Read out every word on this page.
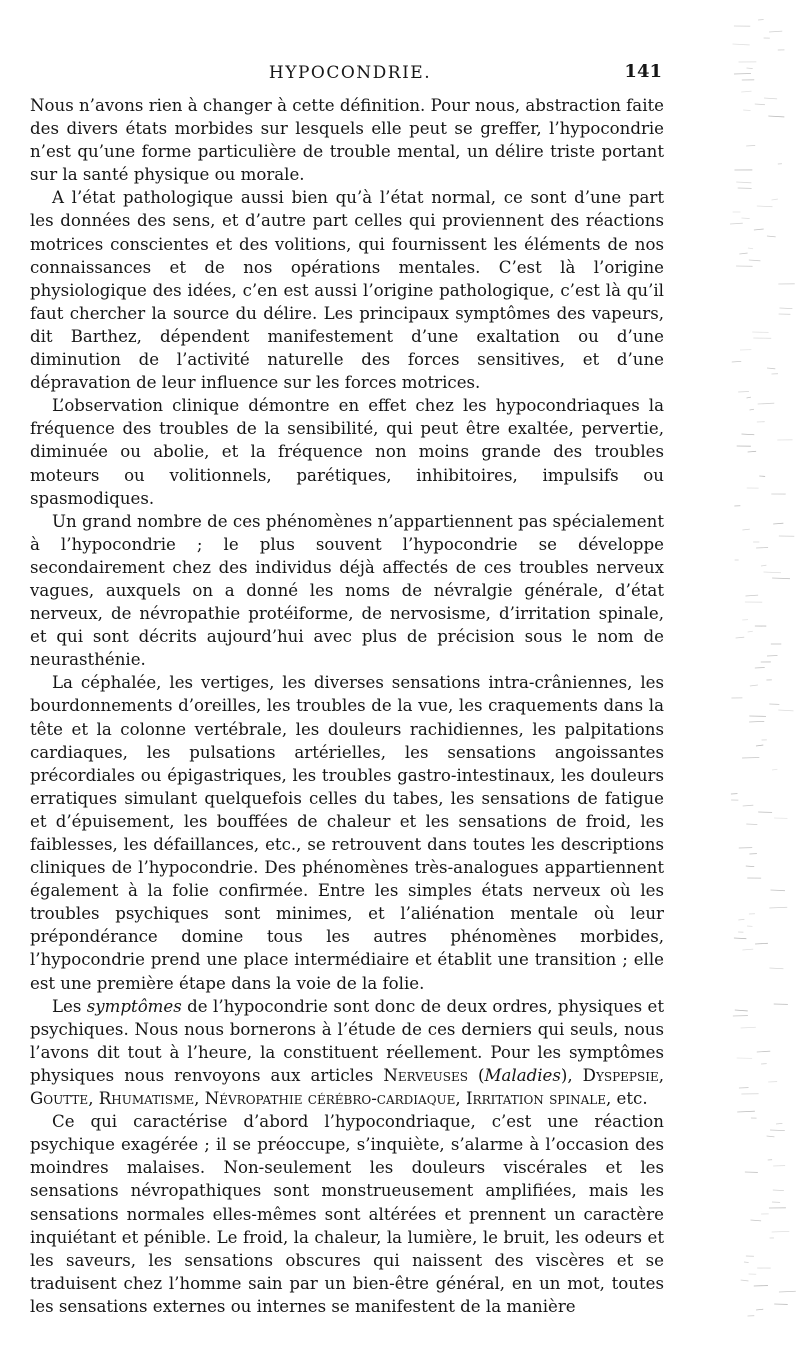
HYPOCONDRIE.	141

Nous n’avons rien à changer à cette définition. Pour nous, abstraction faite des divers états morbides sur lesquels elle peut se greffer, l’hypocondrie n’est qu’une forme particulière de trouble mental, un délire triste portant sur la santé physique ou morale.

A l’état pathologique aussi bien qu’à l’état normal, ce sont d’une part les données des sens, et d’autre part celles qui proviennent des réactions motrices conscientes et des volitions, qui fournissent les éléments de nos connaissances et de nos opérations mentales. C’est là l’origine physiologique des idées, c’en est aussi l’origine pathologique, c’est là qu’il faut chercher la source du délire. Les principaux symptômes des vapeurs, dit Barthez, dépendent manifestement d’une exaltation ou d’une diminution de l’activité naturelle des forces sensitives, et d’une dépravation de leur influence sur les forces motrices.

L’observation clinique démontre en effet chez les hypocondriaques la fréquence des troubles de la sensibilité, qui peut être exaltée, pervertie, diminuée ou abolie, et la fréquence non moins grande des troubles moteurs ou volitionnels, parétiques, inhibitoires, impulsifs ou spasmodiques.

Un grand nombre de ces phénomènes n’appartiennent pas spécialement à l’hypocondrie ; le plus souvent l’hypocondrie se développe secondairement chez des individus déjà affectés de ces troubles nerveux vagues, auxquels on a donné les noms de névralgie générale, d’état nerveux, de névropathie protéiforme, de nervosisme, d’irritation spinale, et qui sont décrits aujourd’hui avec plus de précision sous le nom de neurasthénie.

La céphalée, les vertiges, les diverses sensations intra-crâniennes, les bourdonnements d’oreilles, les troubles de la vue, les craquements dans la tête et la colonne vertébrale, les douleurs rachidiennes, les palpitations cardiaques, les pulsations artérielles, les sensations angoissantes précordiales ou épigastriques, les troubles gastro-intestinaux, les douleurs erratiques simulant quelquefois celles du tabes, les sensations de fatigue et d’épuisement, les bouffées de chaleur et les sensations de froid, les faiblesses, les défaillances, etc., se retrouvent dans toutes les descriptions cliniques de l’hypocondrie. Des phénomènes très-analogues appartiennent également à la folie confirmée. Entre les simples états nerveux où les troubles psychiques sont minimes, et l’aliénation mentale où leur prépondérance domine tous les autres phénomènes morbides, l’hypocondrie prend une place intermédiaire et établit une transition ; elle est une première étape dans la voie de la folie.

Les symptômes de l’hypocondrie sont donc de deux ordres, physiques et psychiques. Nous nous bornerons à l’étude de ces derniers qui seuls, nous l’avons dit tout à l’heure, la constituent réellement. Pour les symptômes physiques nous renvoyons aux articles Nerveuses (Maladies), Dyspepsie, Goutte, Rhumatisme, Névropathie cérébro-cardiaque, Irritation spinale, etc.

Ce qui caractérise d’abord l’hypocondriaque, c’est une réaction psychique exagérée ; il se préoccupe, s’inquiète, s’alarme à l’occasion des moindres malaises. Non-seulement les douleurs viscérales et les sensations névropathiques sont monstrueusement amplifiées, mais les sensations normales elles-mêmes sont altérées et prennent un caractère inquiétant et pénible. Le froid, la chaleur, la lumière, le bruit, les odeurs et les saveurs, les sensations obscures qui naissent des viscères et se traduisent chez l’homme sain par un bien-être général, en un mot, toutes les sensations externes ou internes se manifestent de la manière
